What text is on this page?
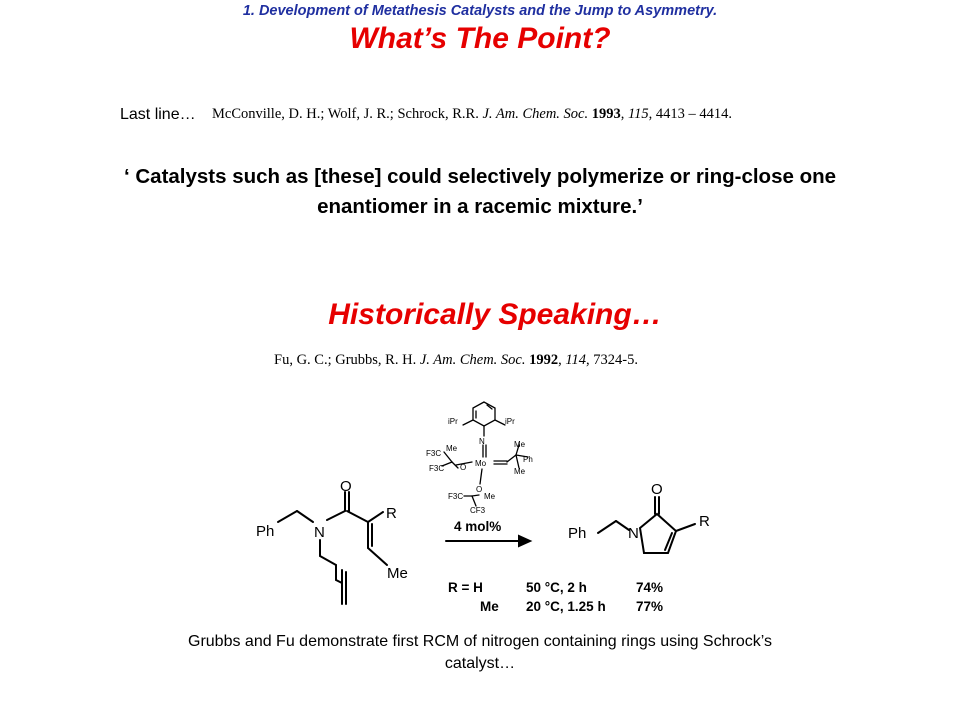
1. Development of Metathesis Catalysts and the Jump to Asymmetry.
What’s The Point?
Last line… McConville, D. H.; Wolf, J. R.; Schrock, R.R. J. Am. Chem. Soc. 1993, 115, 4413 – 4414.
‘ Catalysts such as [these] could selectively polymerize or ring-close one enantiomer in a racemic mixture.’
Historically Speaking…
Fu, G. C.; Grubbs, R. H. J. Am. Chem. Soc. 1992, 114, 7324-5.
iPr	iPr
N
Mo
Me	Me
Ph
Me
O
F3C
F3C
O
F3C	Me
CF3
O
Ph	N
R
Me
4 mol%
O
Ph	N
R
R = H	50 °C, 2 h	74%
Me 20 °C, 1.25 h 77%
Grubbs and Fu demonstrate first RCM of nitrogen containing rings using Schrock’s catalyst…
